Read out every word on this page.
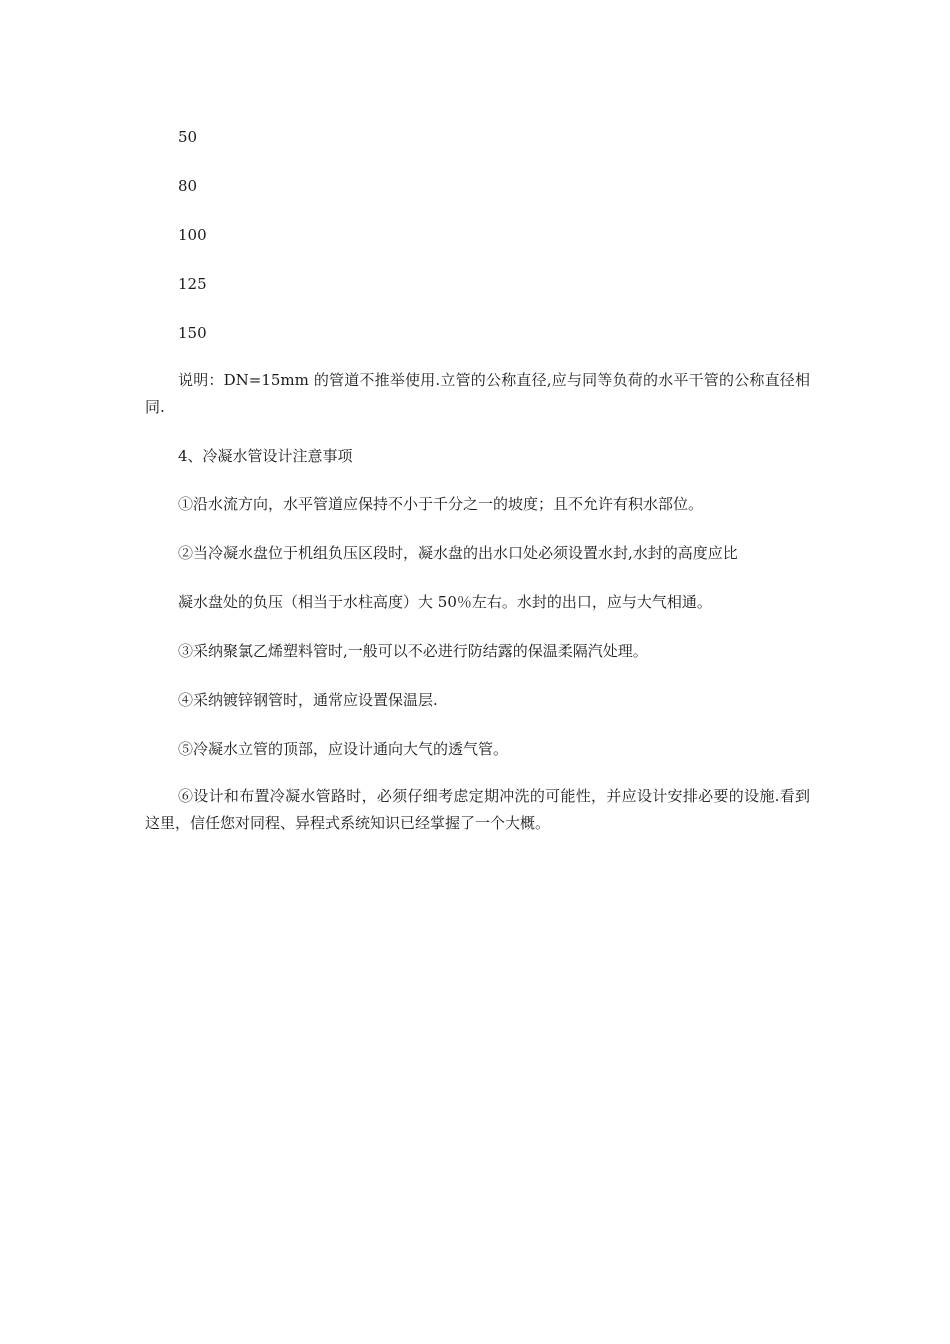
50
80
100
125
150
说明：DN=15mm 的管道不推举使用.立管的公称直径,应与同等负荷的水平干管的公称直径相同.
4、冷凝水管设计注意事项
①沿水流方向，水平管道应保持不小于千分之一的坡度；且不允许有积水部位。
②当冷凝水盘位于机组负压区段时，凝水盘的出水口处必须设置水封,水封的高度应比
凝水盘处的负压（相当于水柱高度）大 50％左右。水封的出口，应与大气相通。
③采纳聚氯乙烯塑料管时,一般可以不必进行防结露的保温柔隔汽处理。
④采纳镀锌钢管时，通常应设置保温层.
⑤冷凝水立管的顶部，应设计通向大气的透气管。
⑥设计和布置冷凝水管路时，必须仔细考虑定期冲洗的可能性，并应设计安排必要的设施.看到这里，信任您对同程、异程式系统知识已经掌握了一个大概。
